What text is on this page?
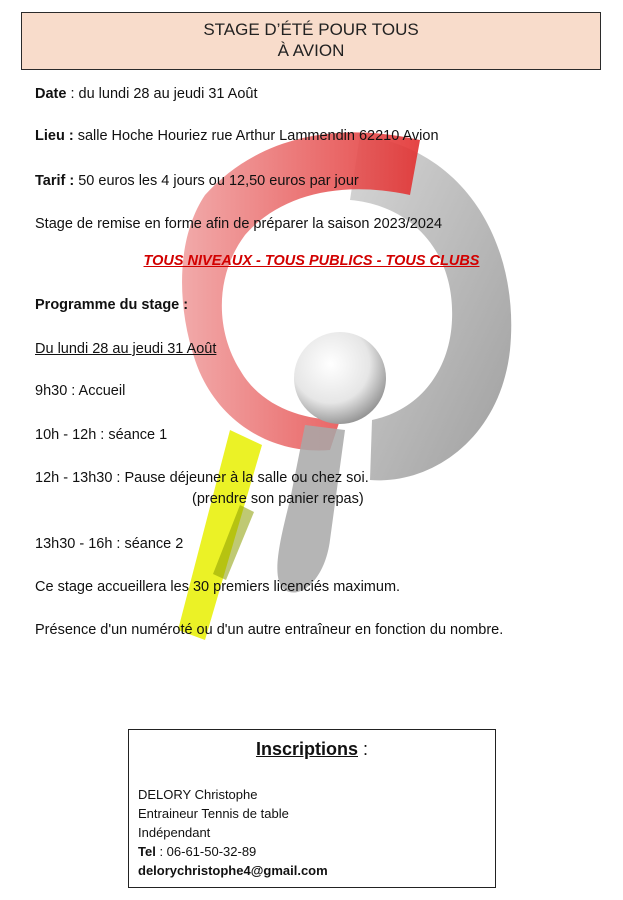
STAGE D’ÉTÉ POUR TOUS
À AVION
Date : du lundi 28 au jeudi 31 Août
Lieu : salle Hoche Houriez rue Arthur Lammendin 62210 Avion
Tarif : 50 euros les 4 jours ou 12,50 euros par jour
Stage de remise en forme afin de préparer la saison 2023/2024
TOUS NIVEAUX - TOUS PUBLICS - TOUS CLUBS
Programme du stage :
Du lundi 28 au jeudi 31 Août
9h30 : Accueil
10h - 12h : séance 1
12h - 13h30 : Pause déjeuner à la salle ou chez soi.
(prendre son panier repas)
13h30 - 16h : séance 2
Ce stage accueillera les 30 premiers licenciés maximum.
Présence d'un numéroté ou d'un autre entraîneur en fonction du nombre.
Inscriptions :
DELORY Christophe
Entraineur Tennis de table
Indépendant
Tel : 06-61-50-32-89
delorychristophe4@gmail.com
